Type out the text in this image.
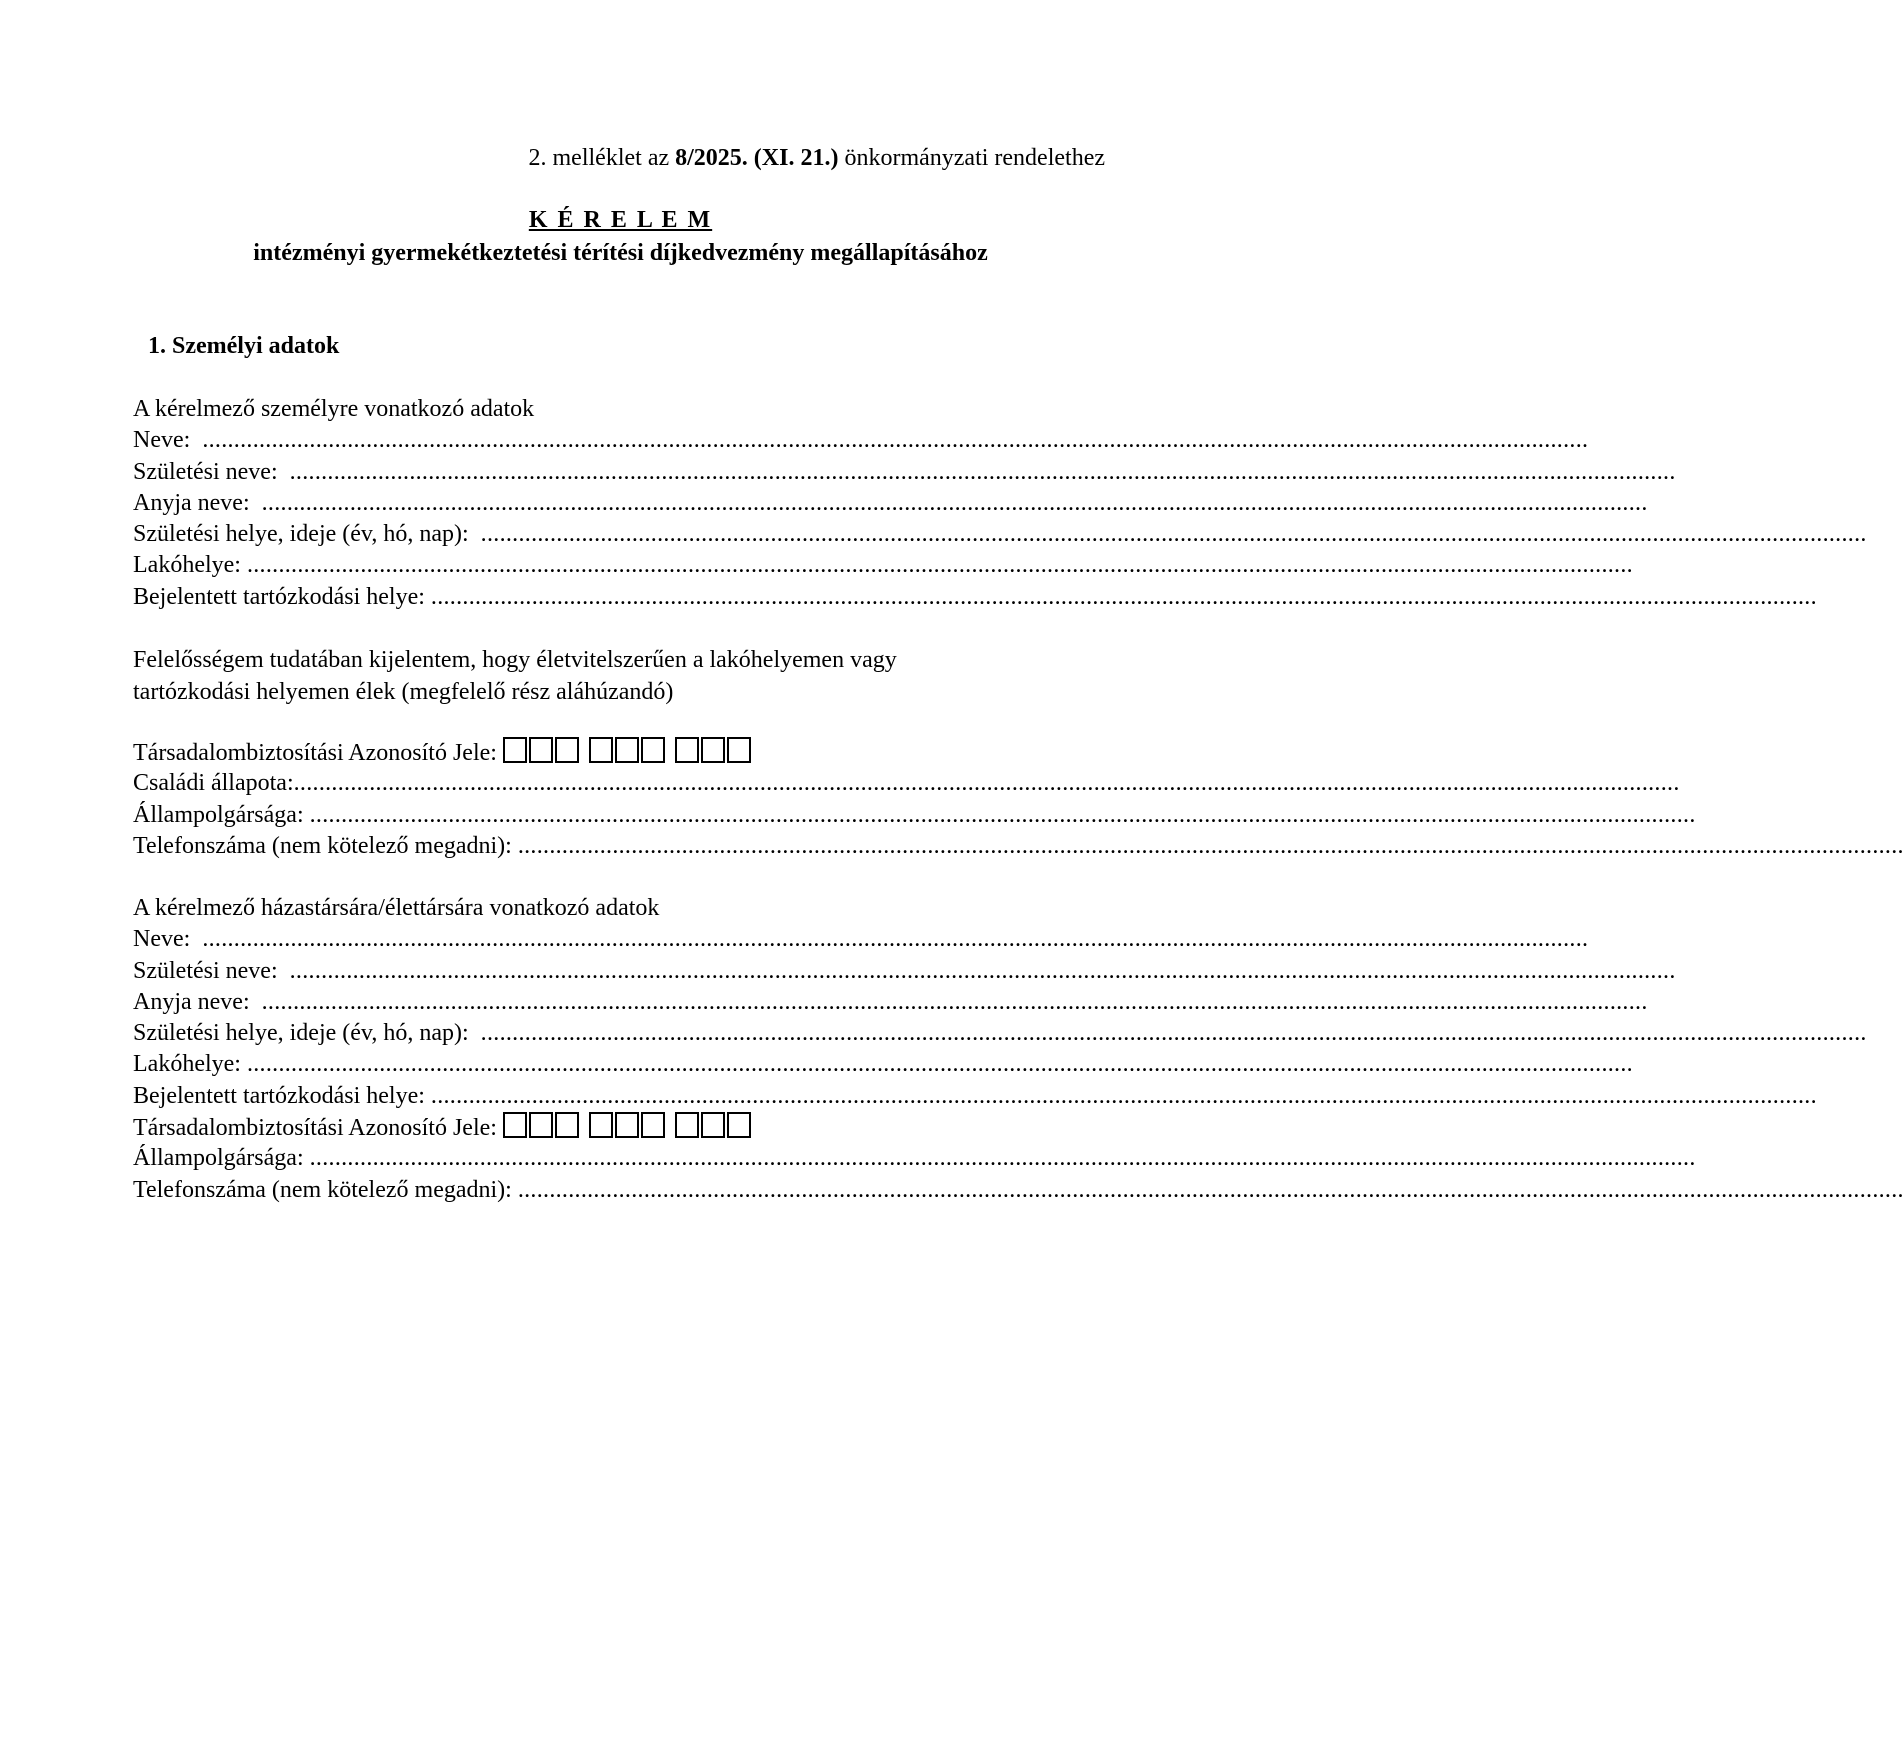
2. melléklet az 8/2025. (XI. 21.) önkormányzati rendelethez
K É R E L E M
intézményi gyermekétkeztetési térítési díjkedvezmény megállapításához
1. Személyi adatok
A kérelmező személyre vonatkozó adatok
Neve: ............................................................................................................................................................................................................................
Születési neve: ............................................................................................................................................................................................................................
Anyja neve: ............................................................................................................................................................................................................................
Születési helye, ideje (év, hó, nap): ............................................................................................................................................................................................................................
Lakóhelye: ............................................................................................................................................................................................................................
Bejelentett tartózkodási helye: ............................................................................................................................................................................................................................
Felelősségem tudatában kijelentem, hogy életvitelszerűen a lakóhelyemen vagy
tartózkodási helyemen élek (megfelelő rész aláhúzandó)
Társadalombiztosítási Azonosító Jele:
Családi állapota: ............................................................................................................................................................................................................................
Állampolgársága: ............................................................................................................................................................................................................................
Telefonszáma (nem kötelező megadni): ............................................................................................................................................................................................................................
A kérelmező házastársára/élettársára vonatkozó adatok
Neve: ............................................................................................................................................................................................................................
Születési neve: ............................................................................................................................................................................................................................
Anyja neve: ............................................................................................................................................................................................................................
Születési helye, ideje (év, hó, nap): ............................................................................................................................................................................................................................
Lakóhelye: ............................................................................................................................................................................................................................
Bejelentett tartózkodási helye: ............................................................................................................................................................................................................................
Társadalombiztosítási Azonosító Jele:
Állampolgársága: ............................................................................................................................................................................................................................
Telefonszáma (nem kötelező megadni): ............................................................................................................................................................................................................................
